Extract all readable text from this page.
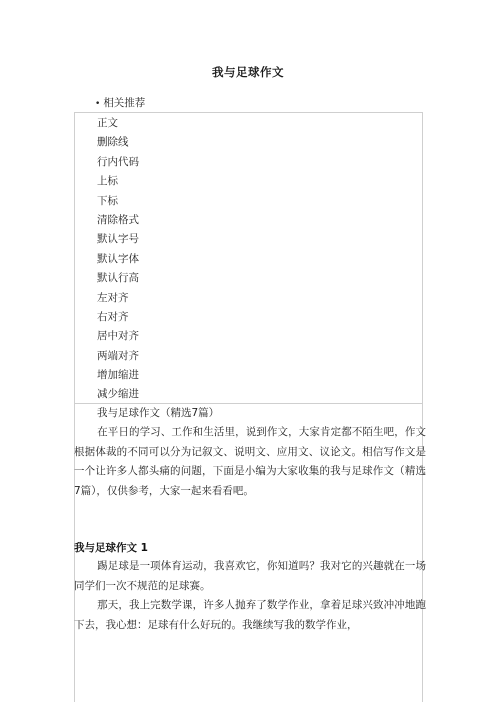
我与足球作文
• 相关推荐
正文
删除线
行内代码
上标
下标
清除格式
默认字号
默认字体
默认行高
左对齐
右对齐
居中对齐
两端对齐
增加缩进
减少缩进
我与足球作文（精选7篇）
在平日的学习、工作和生活里，说到作文，大家肯定都不陌生吧，作文根据体裁的不同可以分为记叙文、说明文、应用文、议论文。相信写作文是一个让许多人都头痛的问题，下面是小编为大家收集的我与足球作文（精选7篇），仅供参考，大家一起来看看吧。
我与足球作文 1
踢足球是一项体育运动，我喜欢它，你知道吗？我对它的兴趣就在一场同学们一次不规范的足球赛。
那天，我上完数学课，许多人抛弃了数学作业，拿着足球兴致冲冲地跑下去，我心想：足球有什么好玩的。我继续写我的数学作业，
